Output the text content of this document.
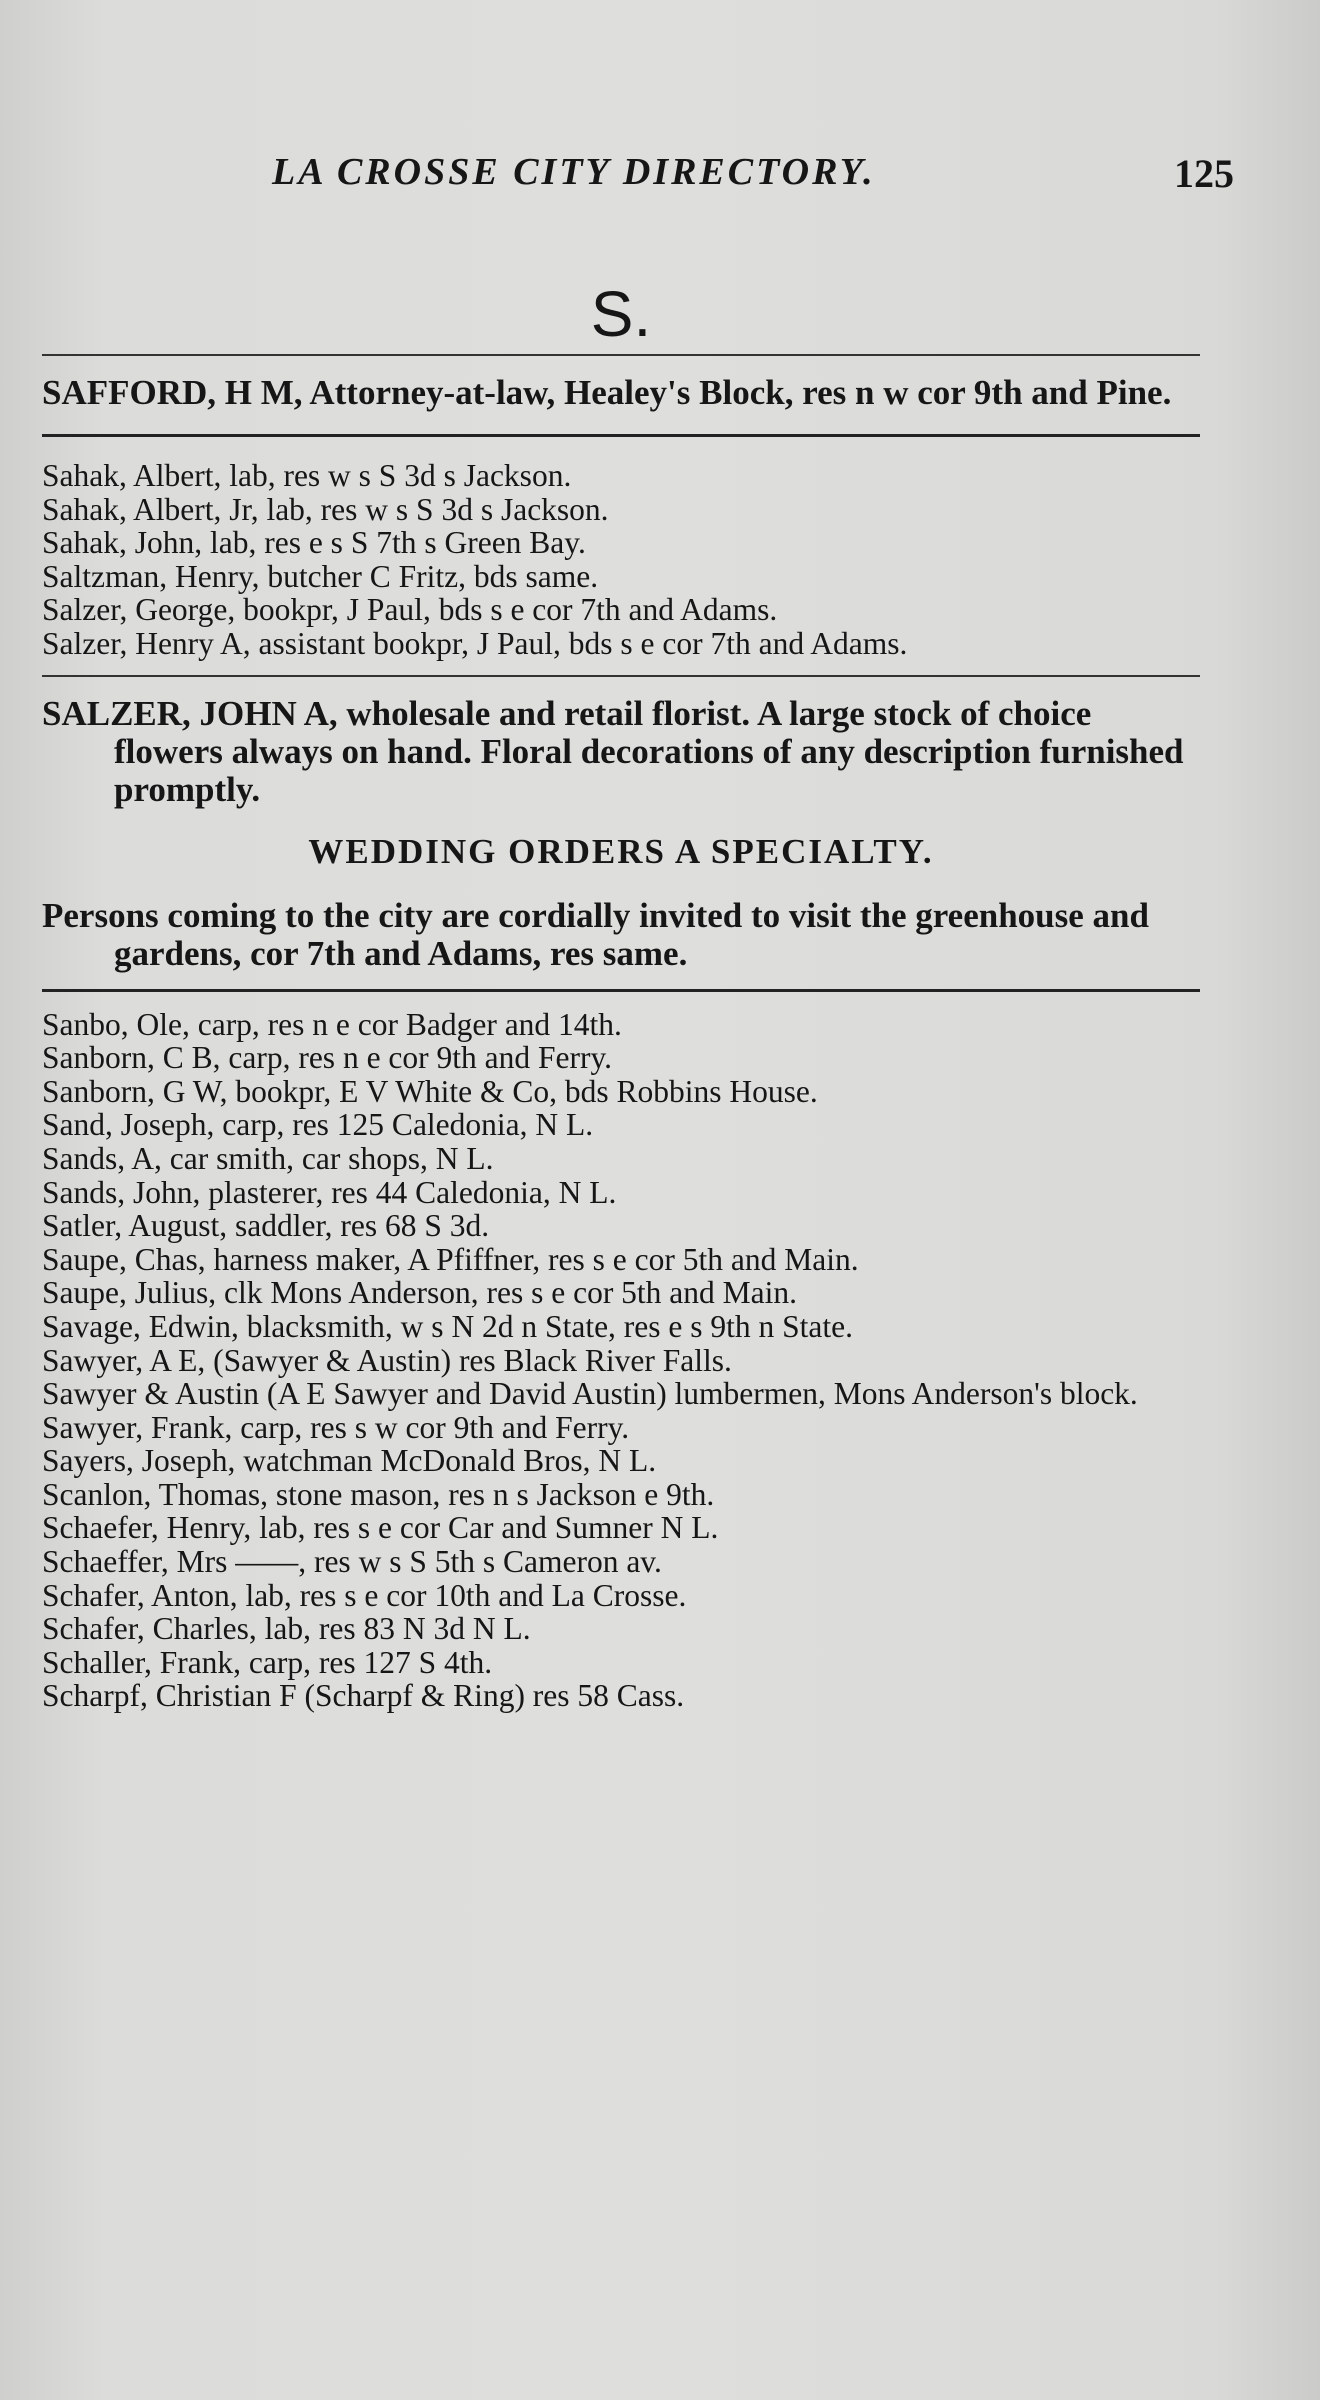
LA CROSSE CITY DIRECTORY.	125
S.
SAFFORD, H M, Attorney-at-law, Healey's Block, res n w cor 9th and Pine.
Sahak, Albert, lab, res w s S 3d s Jackson.
Sahak, Albert, Jr, lab, res w s S 3d s Jackson.
Sahak, John, lab, res e s S 7th s Green Bay.
Saltzman, Henry, butcher C Fritz, bds same.
Salzer, George, bookpr, J Paul, bds s e cor 7th and Adams.
Salzer, Henry A, assistant bookpr, J Paul, bds s e cor 7th and Adams.

SALZER, JOHN A, wholesale and retail florist. A large stock of choice flowers always on hand. Floral decorations of any description furnished promptly.

WEDDING ORDERS A SPECIALTY.

Persons coming to the city are cordially invited to visit the greenhouse and gardens, cor 7th and Adams, res same.

Sanbo, Ole, carp, res n e cor Badger and 14th.
Sanborn, C B, carp, res n e cor 9th and Ferry.
Sanborn, G W, bookpr, E V White & Co, bds Robbins House.
Sand, Joseph, carp, res 125 Caledonia, N L.
Sands, A, car smith, car shops, N L.
Sands, John, plasterer, res 44 Caledonia, N L.
Satler, August, saddler, res 68 S 3d.
Saupe, Chas, harness maker, A Pfiffner, res s e cor 5th and Main.
Saupe, Julius, clk Mons Anderson, res s e cor 5th and Main.
Savage, Edwin, blacksmith, w s N 2d n State, res e s 9th n State.
Sawyer, A E, (Sawyer & Austin) res Black River Falls.
Sawyer & Austin (A E Sawyer and David Austin) lumbermen, Mons Anderson's block.
Sawyer, Frank, carp, res s w cor 9th and Ferry.
Sayers, Joseph, watchman McDonald Bros, N L.
Scanlon, Thomas, stone mason, res n s Jackson e 9th.
Schaefer, Henry, lab, res s e cor Car and Sumner N L.
Schaeffer, Mrs ——, res w s S 5th s Cameron av.
Schafer, Anton, lab, res s e cor 10th and La Crosse.
Schafer, Charles, lab, res 83 N 3d N L.
Schaller, Frank, carp, res 127 S 4th.
Scharpf, Christian F (Scharpf & Ring) res 58 Cass.
